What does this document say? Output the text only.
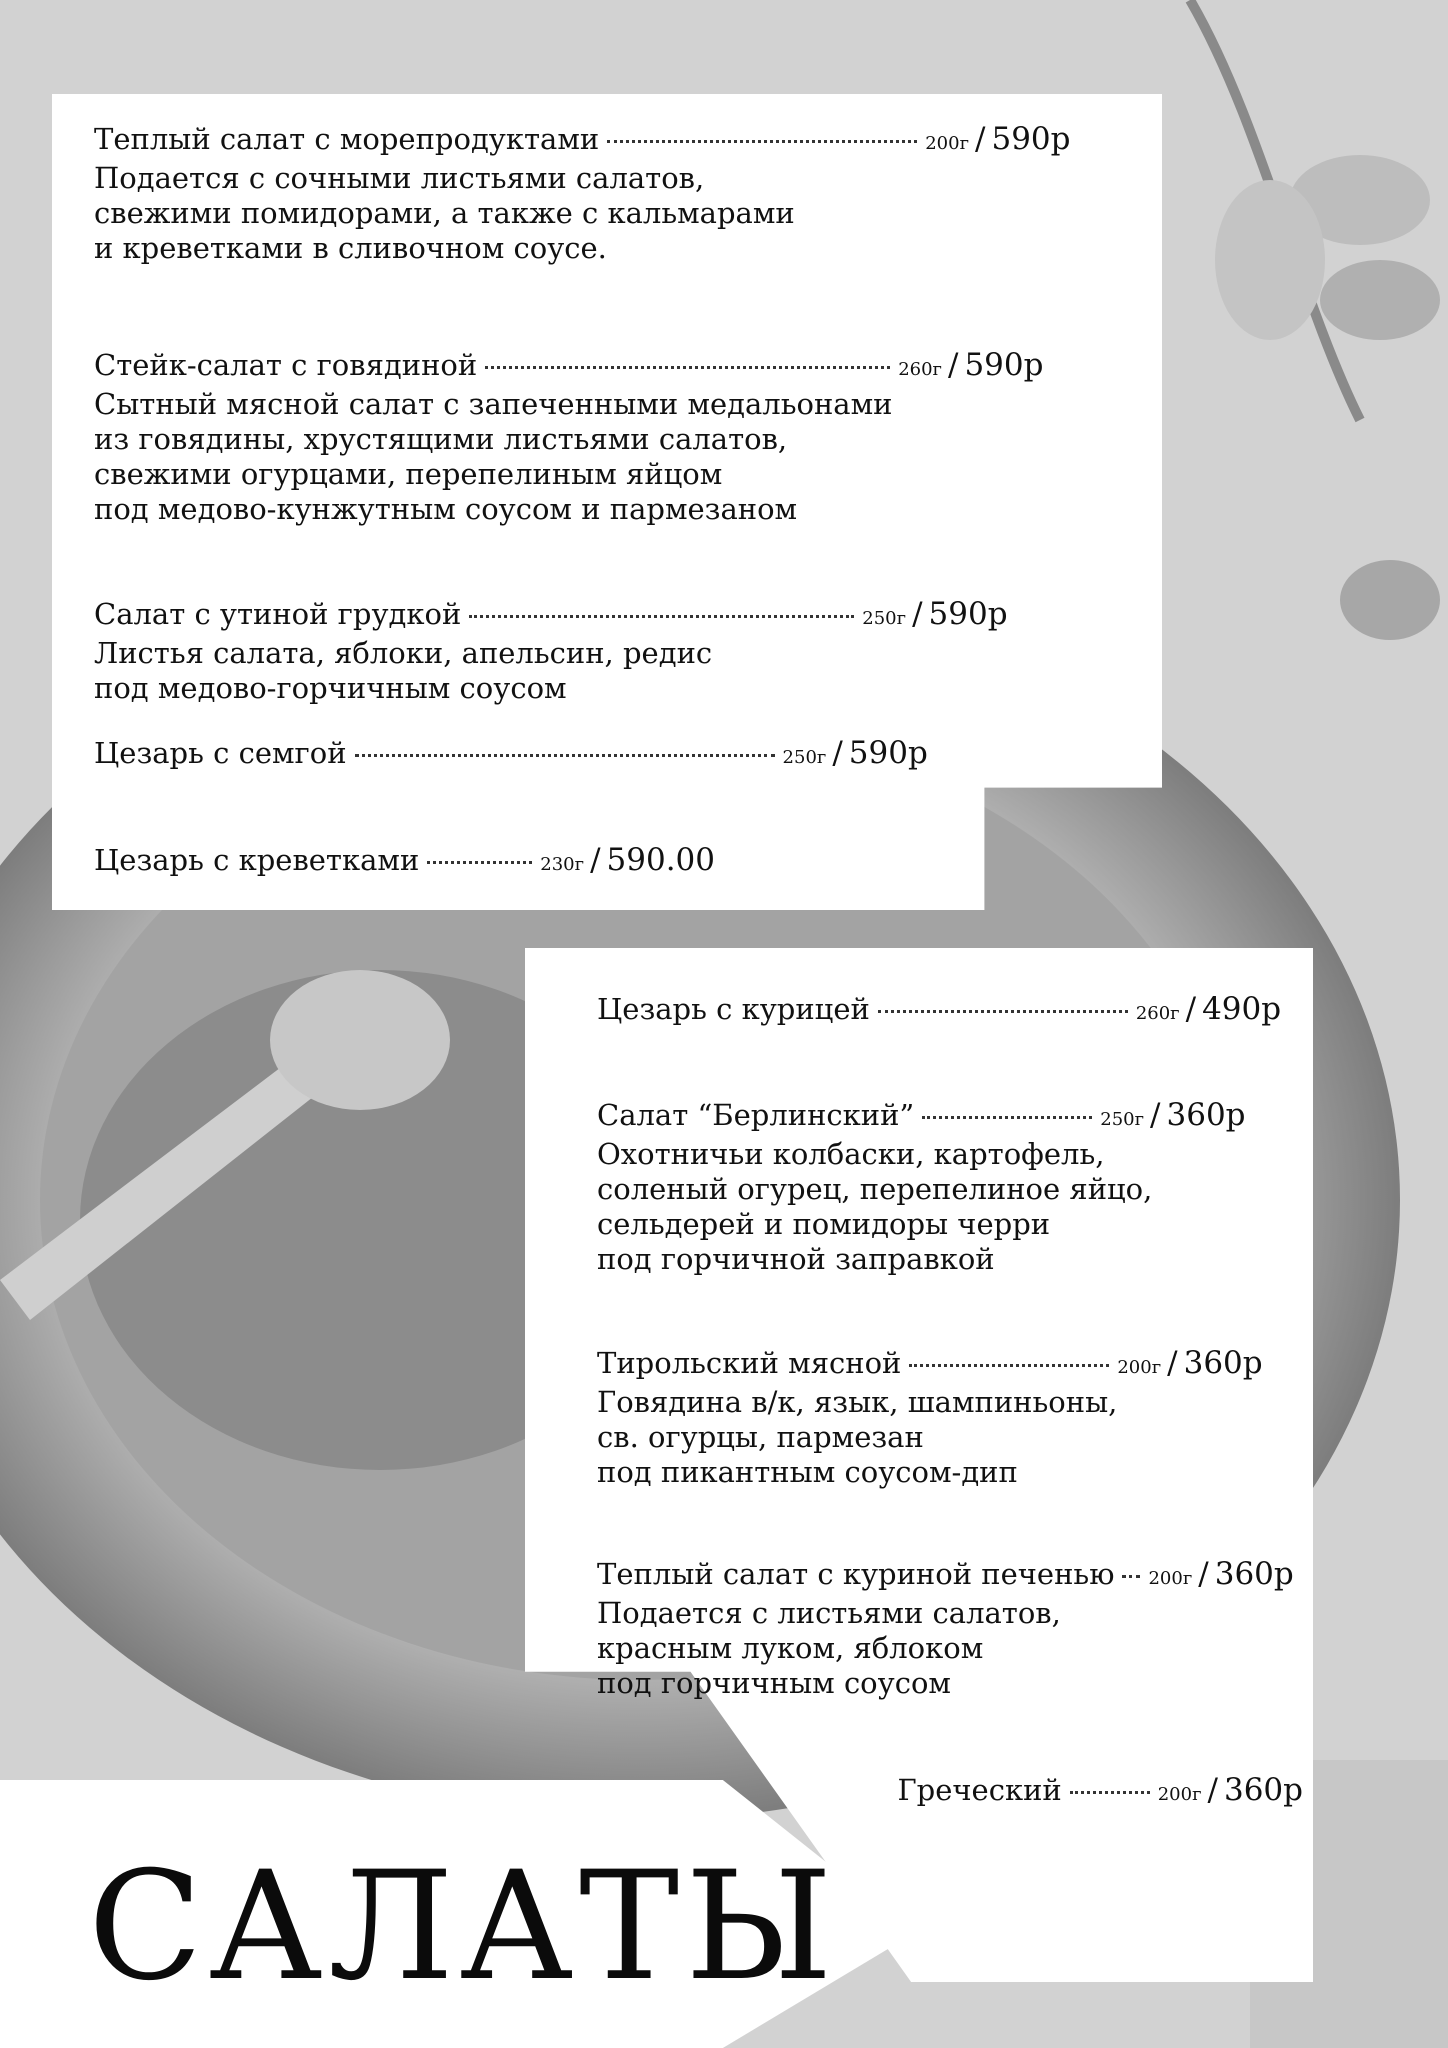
Теплый салат с морепродуктами	200г / 590р

Подается с сочными листьями салатов,
свежими помидорами, а также с кальмарами
и креветками в сливочном соусе.

Стейк-салат с говядиной	260г / 590р

Сытный мясной салат с запеченными медальонами
из говядины, хрустящими листьями салатов,
свежими огурцами, перепелиным яйцом
под медово-кунжутным соусом и пармезаном

Салат с утиной грудкой	250г / 590р

Листья салата, яблоки, апельсин, редис
под медово-горчичным соусом

Цезарь с семгой	250г / 590р
Цезарь с креветками	230г / 590.00
Цезарь с курицей	260г / 490р
Салат “Берлинский”	250г / 360р

Охотничьи колбаски, картофель,
соленый огурец, перепелиное яйцо,
сельдерей и помидоры черри
под горчичной заправкой

Тирольский мясной	200г / 360р

Говядина в/к, язык, шампиньоны,
св. огурцы, пармезан
под пикантным соусом-дип

Теплый салат с куриной печенью 200г / 360р

Подается с листьями салатов,
красным луком, яблоком
под горчичным соусом

Греческий	200г / 360р
САЛАТЫ
